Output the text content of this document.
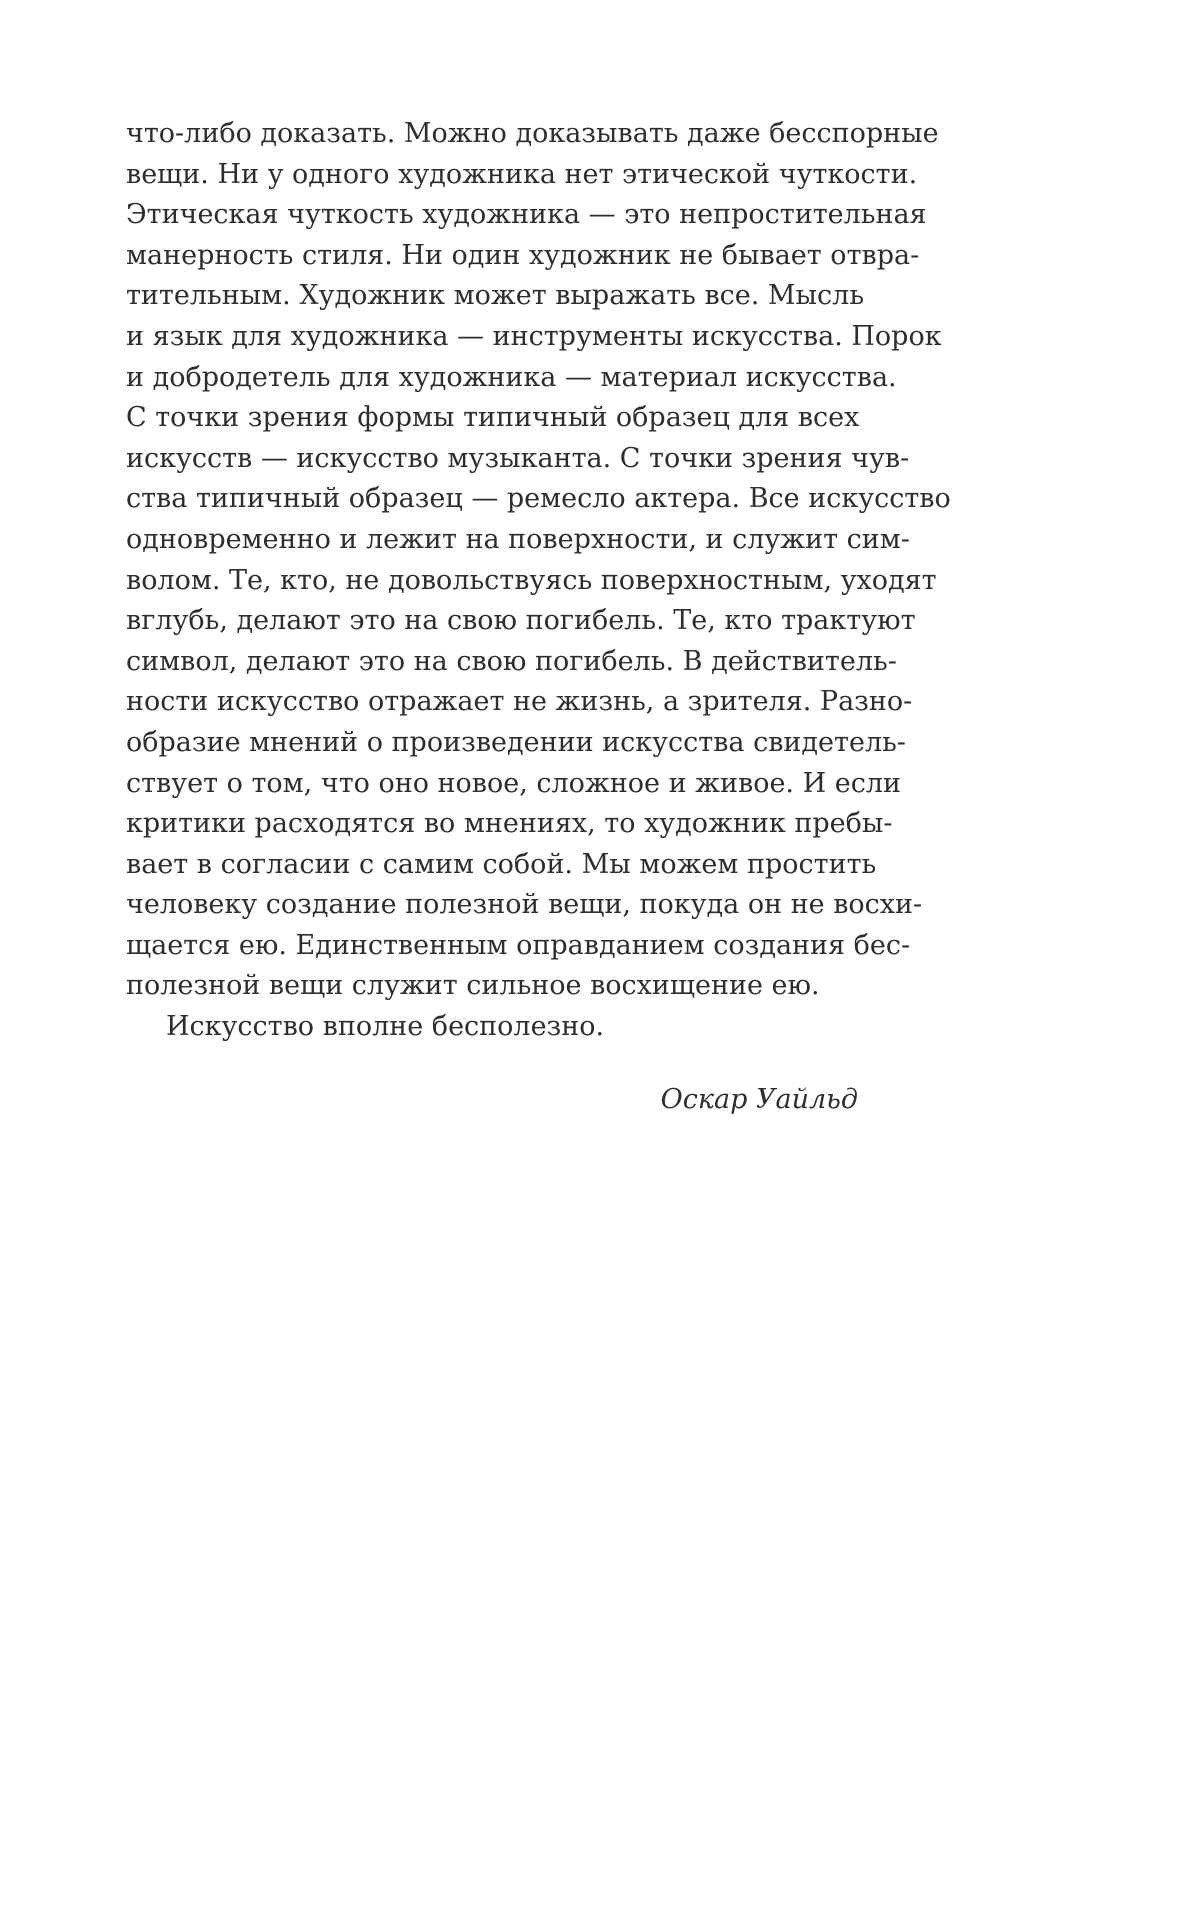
что-либо доказать. Можно доказывать даже бесспорные
вещи. Ни у одного художника нет этической чуткости.
Этическая чуткость художника — это непростительная
манерность стиля. Ни один художник не бывает отвра-
тительным. Художник может выражать все. Мысль
и язык для художника — инструменты искусства. Порок
и добродетель для художника — материал искусства.
С точки зрения формы типичный образец для всех
искусств — искусство музыканта. С точки зрения чув-
ства типичный образец — ремесло актера. Все искусство
одновременно и лежит на поверхности, и служит сим-
волом. Те, кто, не довольствуясь поверхностным, уходят
вглубь, делают это на свою погибель. Те, кто трактуют
символ, делают это на свою погибель. В действитель-
ности искусство отражает не жизнь, а зрителя. Разно-
образие мнений о произведении искусства свидетель-
ствует о том, что оно новое, сложное и живое. И если
критики расходятся во мнениях, то художник пребы-
вает в согласии с самим собой. Мы можем простить
человеку создание полезной вещи, покуда он не восхи-
щается ею. Единственным оправданием создания бес-
полезной вещи служит сильное восхищение ею.
Искусство вполне бесполезно.
Оскар Уайльд
